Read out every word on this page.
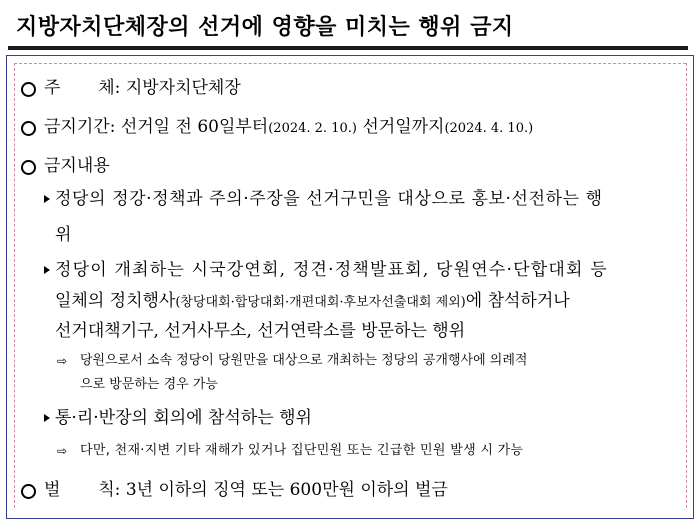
지방자치단체장의 선거에 영향을 미치는 행위 금지
주       체: 지방자치단체장
금지기간: 선거일 전 60일부터(2024. 2. 10.) 선거일까지(2024. 4. 10.)
금지내용
정당의 정강·정책과 주의·주장을 선거구민을 대상으로 홍보·선전하는 행
위
정당이 개최하는 시국강연회, 정견·정책발표회, 당원연수·단합대회 등
일체의 정치행사(창당대회·합당대회·개편대회·후보자선출대회 제외)에 참석하거나
선거대책기구, 선거사무소, 선거연락소를 방문하는 행위
⇨ 당원으로서 소속 정당이 당원만을 대상으로 개최하는 정당의 공개행사에 의례적
으로 방문하는 경우 가능
통·리·반장의 회의에 참석하는 행위
⇨ 다만, 천재·지변 기타 재해가 있거나 집단민원 또는 긴급한 민원 발생 시 가능
벌       칙: 3년 이하의 징역 또는 600만원 이하의 벌금
